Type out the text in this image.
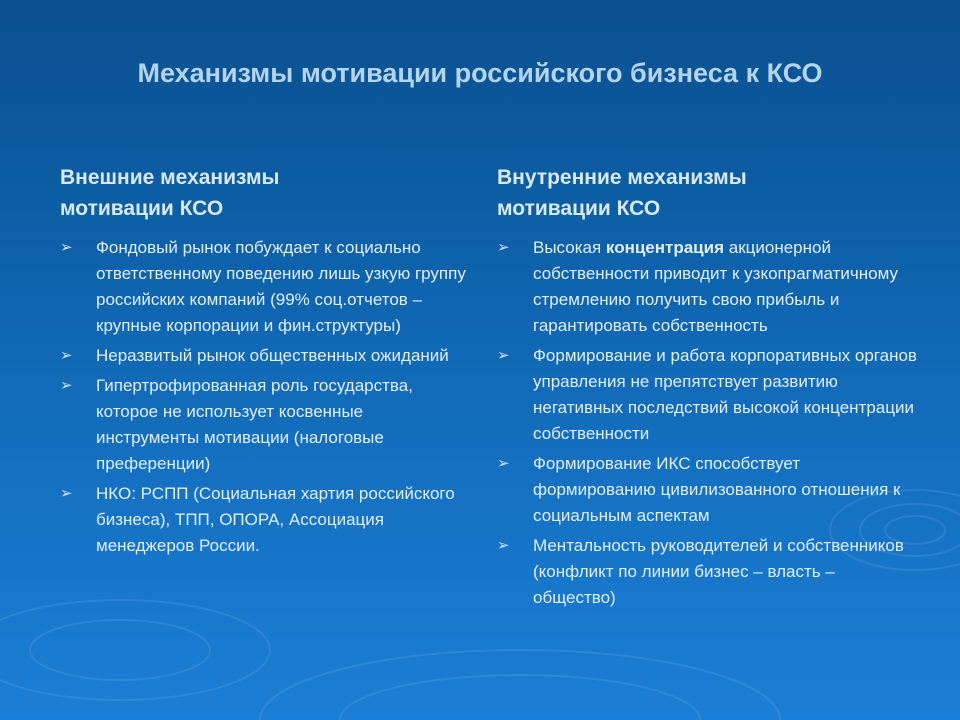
Механизмы мотивации российского бизнеса к КСО
Внешние механизмы
мотивации КСО
➢ Фондовый рынок побуждает к социально ответственному поведению лишь узкую группу российских компаний (99% соц.отчетов – крупные корпорации и фин.структуры)
➢ Неразвитый рынок общественных ожиданий
➢ Гипертрофированная роль государства, которое не использует косвенные инструменты мотивации (налоговые преференции)
➢ НКО: РСПП (Социальная хартия российского бизнеса), ТПП, ОПОРА, Ассоциация менеджеров России.
Внутренние механизмы
мотивации КСО
➢ Высокая концентрация акционерной собственности приводит к узкопрагматичному стремлению получить свою прибыль и гарантировать собственность
➢ Формирование и работа корпоративных органов управления не препятствует развитию негативных последствий высокой концентрации собственности
➢ Формирование ИКС способствует формированию цивилизованного отношения к социальным аспектам
➢ Ментальность руководителей и собственников (конфликт по линии бизнес – власть – общество)
